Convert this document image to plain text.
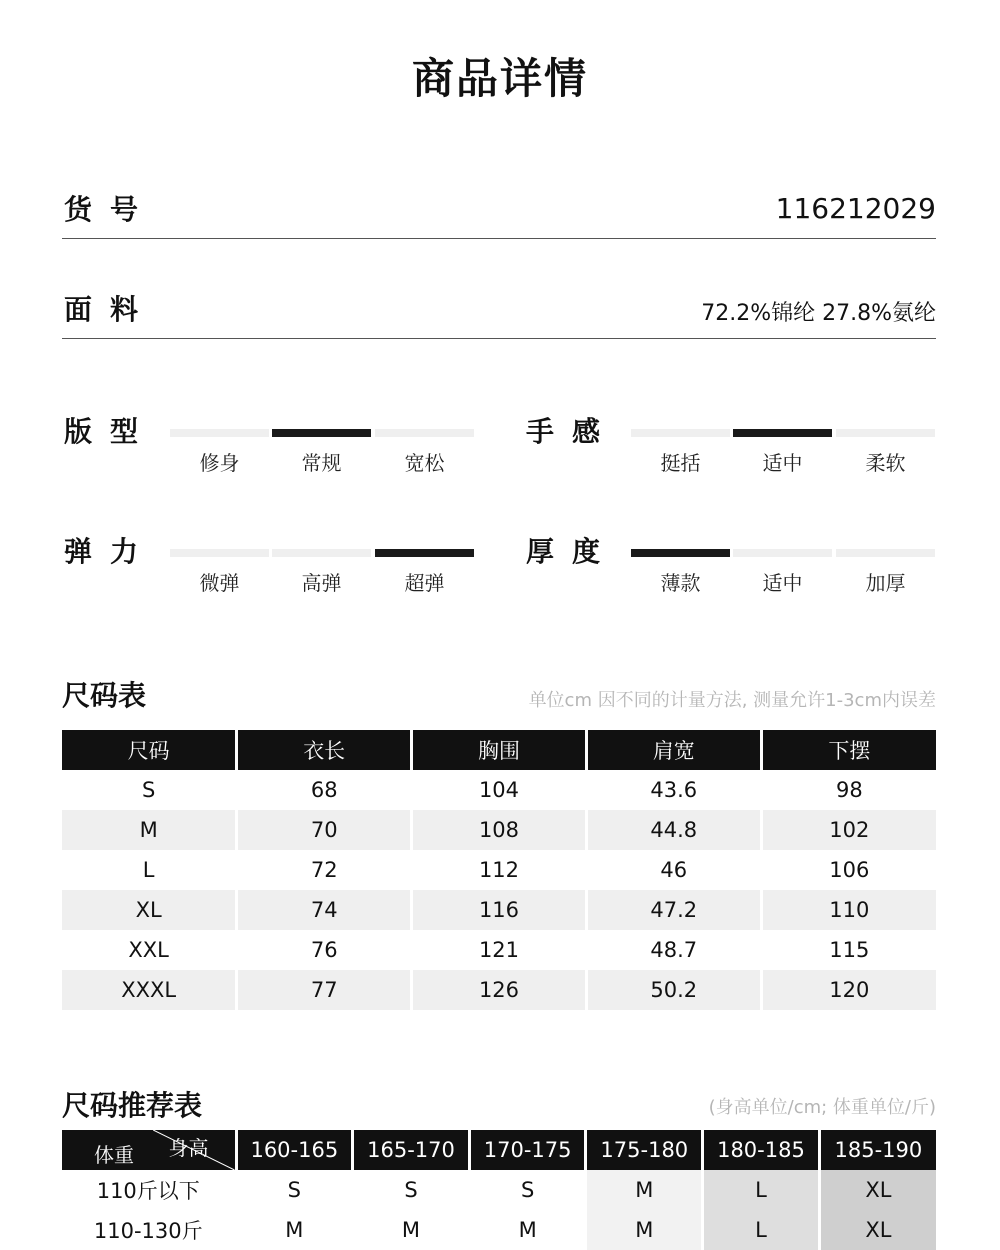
商品详情
货号	116212029
面料	72.2%锦纶 27.8%氨纶
版型
修身	常规	宽松
手感
挺括	适中	柔软
弹力
微弹	高弹	超弹
厚度
薄款	适中	加厚
尺码表	单位cm 因不同的计量方法, 测量允许1-3cm内误差
尺码	衣长	胸围	肩宽	下摆
S	68	104	43.6	98
M	70	108	44.8	102
L	72	112	46	106
XL	74	116	47.2	110
XXL	76	121	48.7	115
XXXL	77	126	50.2	120
尺码推荐表	(身高单位/cm; 体重单位/斤)
体重 身高	160-165	165-170	170-175	175-180	180-185	185-190
110斤以下	S	S	S	M	L	XL
110-130斤	M	M	M	M	L	XL
